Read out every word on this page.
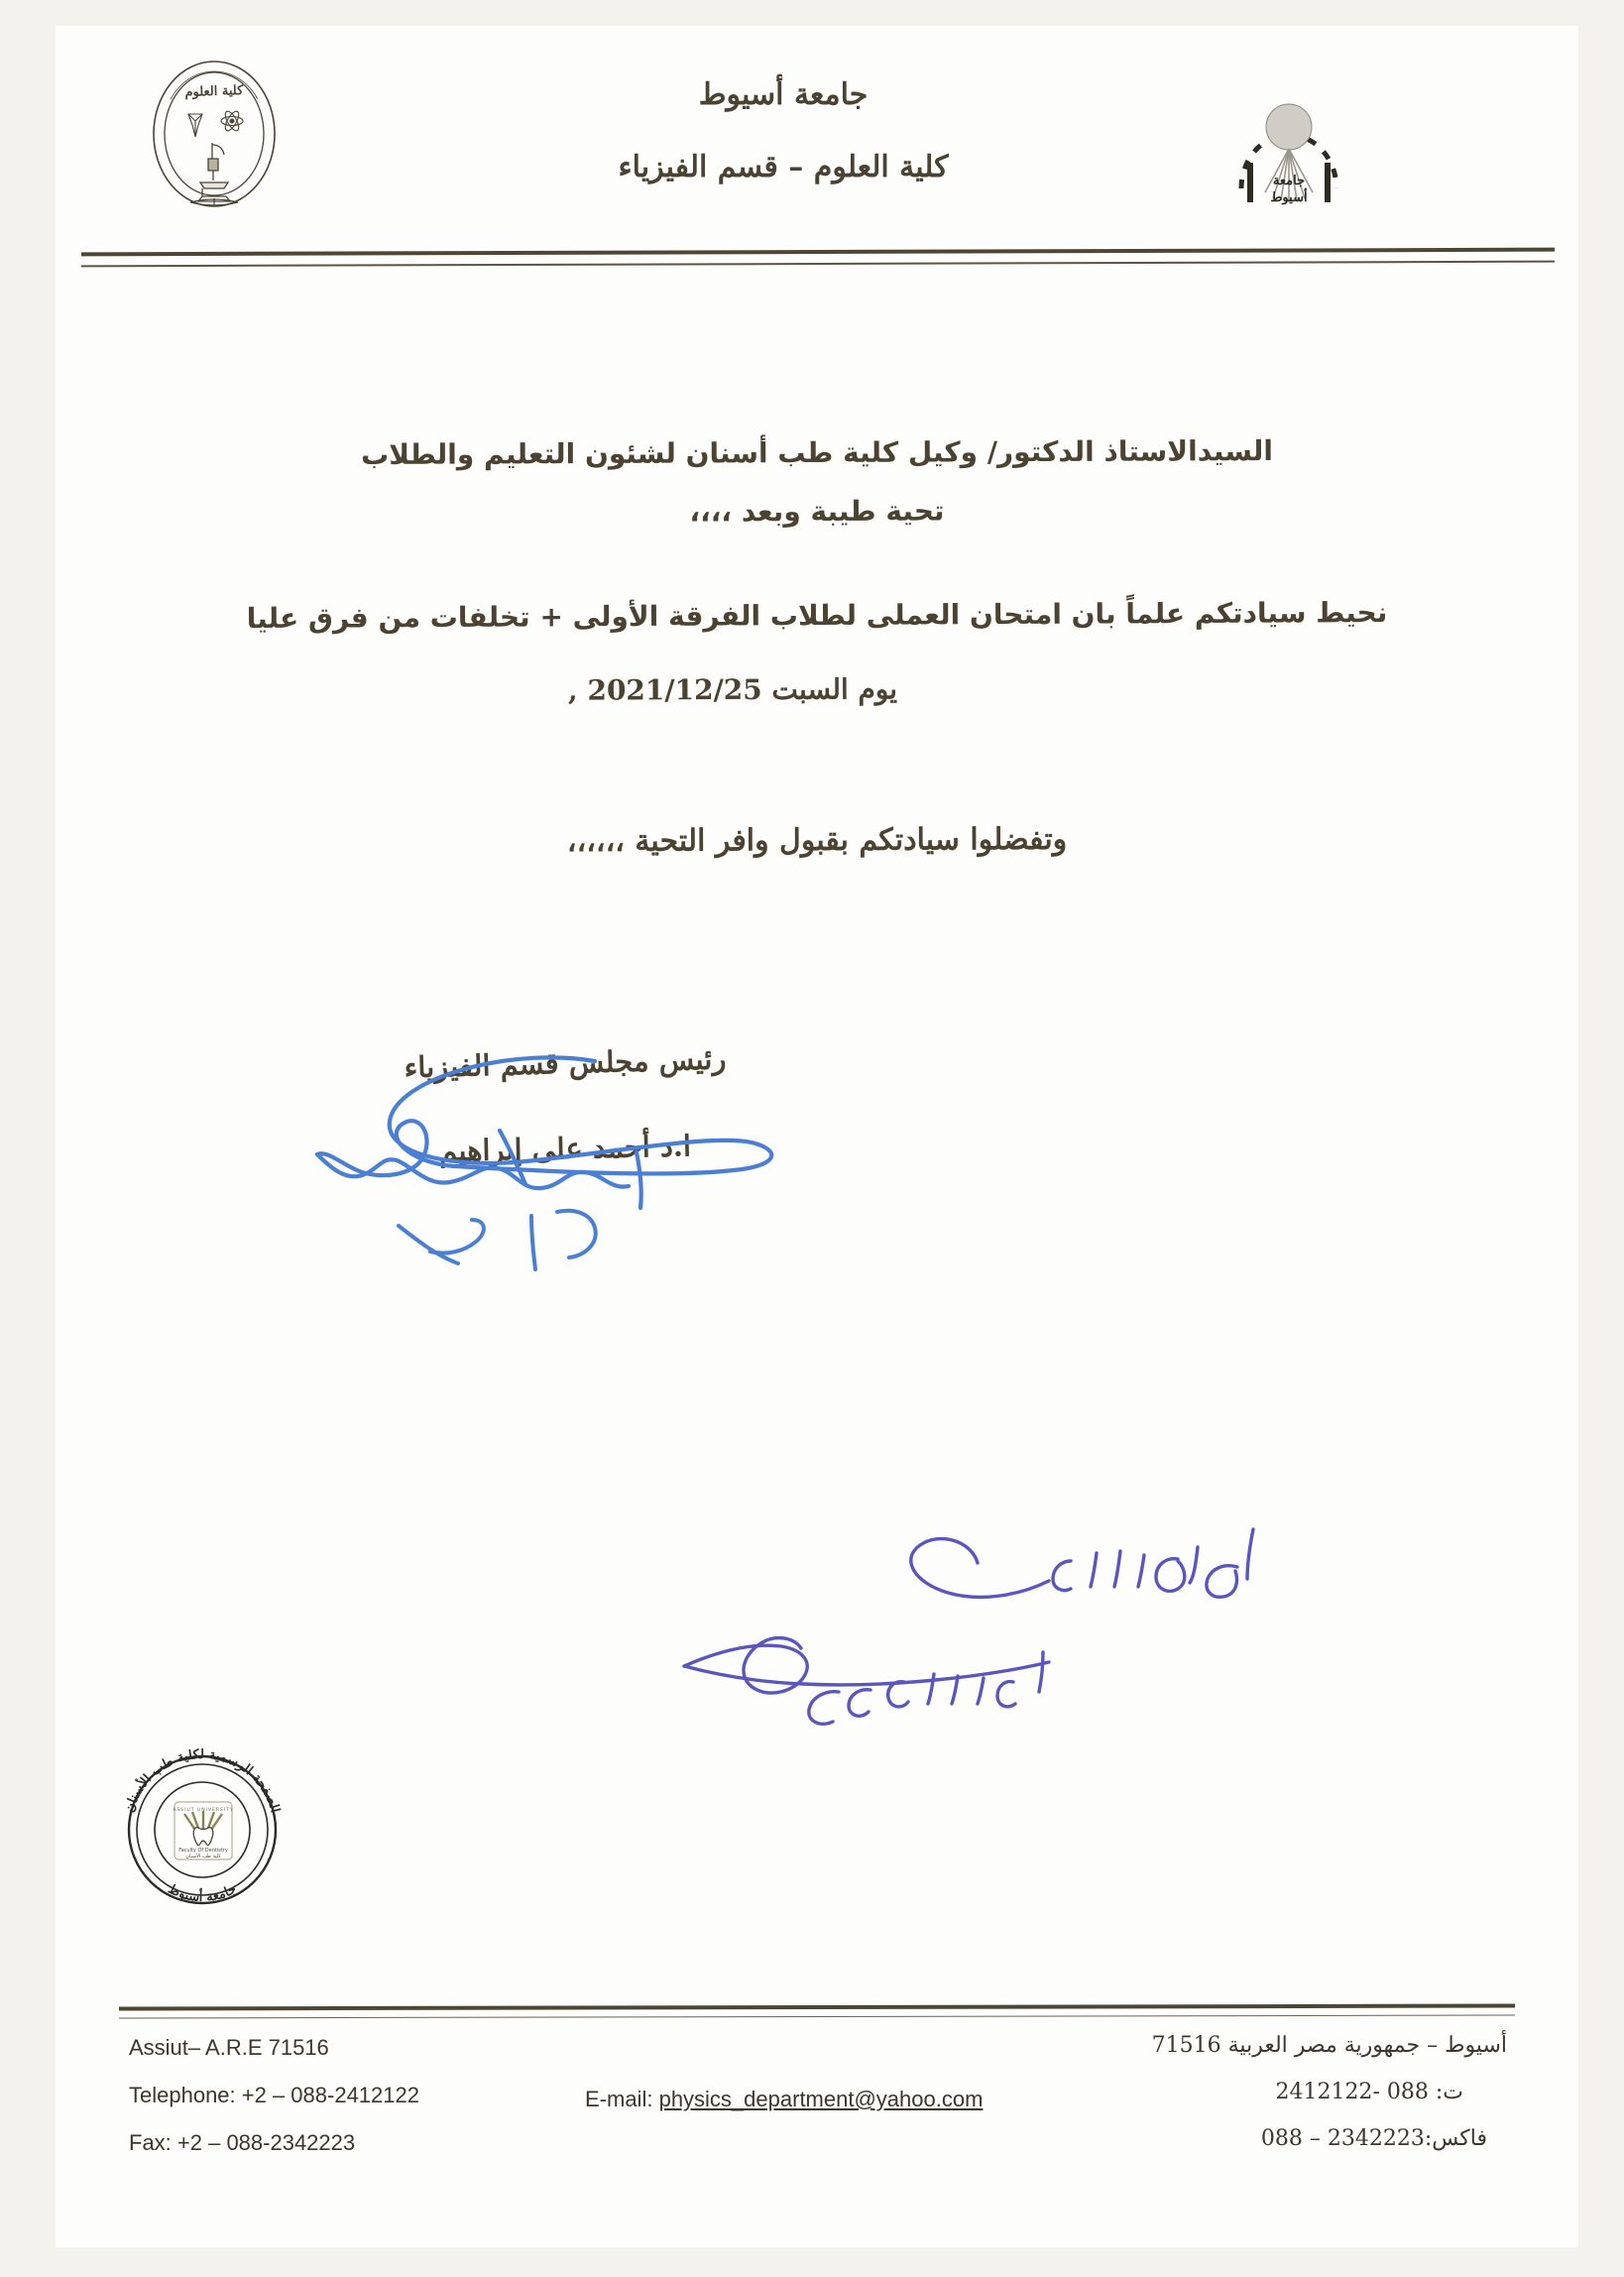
كلية العلوم	جامعة أسيوط
كلية العلوم – قسم الفيزياء	جامعة
أسيوط
السيدالاستاذ الدكتور/ وكيل كلية طب أسنان لشئون التعليم والطلاب
تحية طيبة وبعد ،،،،
نحيط سيادتكم علماً بان امتحان العملى لطلاب الفرقة الأولى + تخلفات من فرق عليا
يوم السبت 2021/12/25 ,
وتفضلوا سيادتكم بقبول وافر التحية ،،،،،،
رئيس مجلس قسم الفيزياء
ا.د أحمد على إبراهيم
الصفحة الرسمية لكلية طب الأسنان
جامعة أسيوط
ASSIUT UNIVERSITY
Faculty Of Dentistry
كلية طب الأسنان
Assiut– A.R.E 71516
Telephone: +2 – 088-2412122
Fax: +2 – 088-2342223
E-mail: physics_department@yahoo.com
أسيوط – جمهورية مصر العربية 71516
ت: 088 -2412122
فاكس:2342223 – 088
